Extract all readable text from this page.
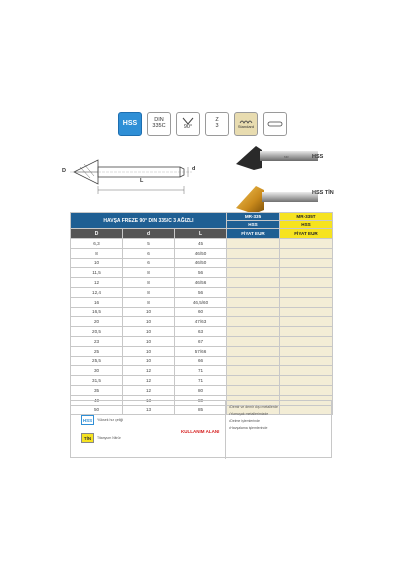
HSS
DIN
335C	90°
Z
3	Standard
L
d
D
MR	HSS
HSS TİN
HAVŞA FREZE 90° DIN 335/C 3 AĞIZLI			MR-335	MR-335T
			HSS	HSS
D	d	L	FİYAT EUR	FİYAT EUR
6,3	5	45		
8	6	46/50		
10	6	46/50		
11,5	8	56		
12	8	46/56		
12,4	8	56		
16	8	46,5/60		
16,5	10	60		
20	10	47/63		
20,5	10	63		
23	10	67		
25	10	57/66		
25,5	10	66		
30	12	71		
31,5	12	71		
35	12	80		
40	13	80		
50	13	85		
HSS	Yüksek hız çeliği
TİN	Titanyum Nitrür
KULLANIM ALANI
• Demir ve demir dışı metallerde
• Yumuşak metallerimizde
• Delme işlemlerinde
• Havşalama işlemlerinde
